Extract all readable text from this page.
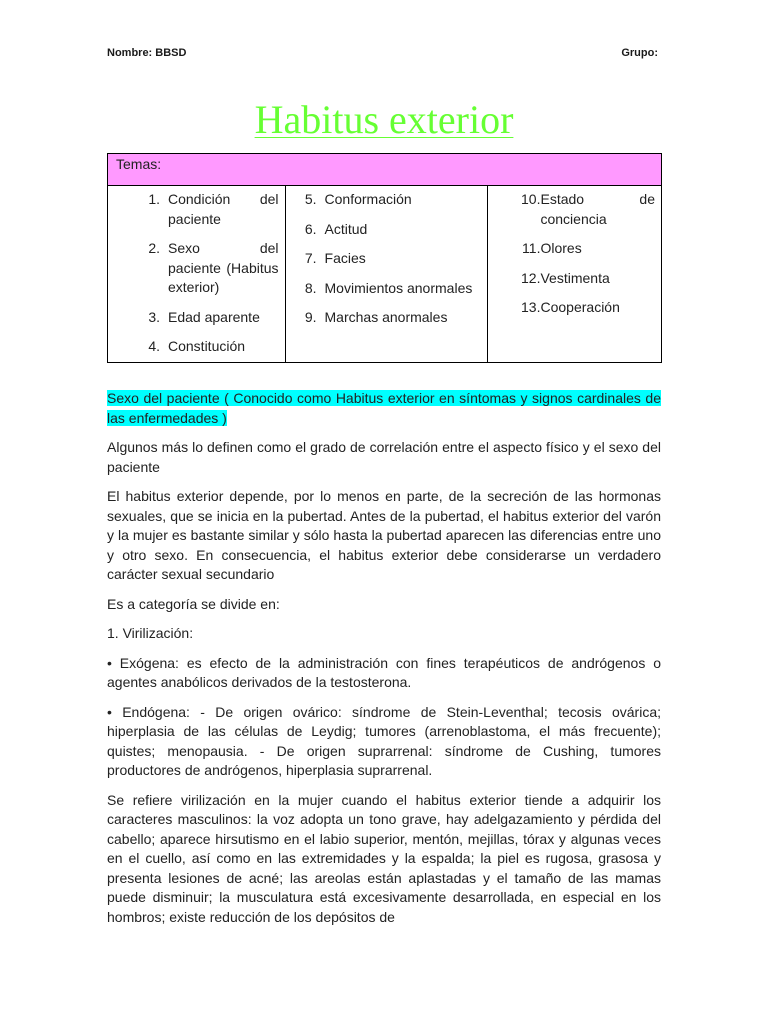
Nombre: BBSD	Grupo:
Habitus exterior
Temas:

1. Condición del paciente
2. Sexo del paciente (Habitus exterior)
3. Edad aparente
4. Constitución

5. Conformación
6. Actitud
7. Facies
8. Movimientos anormales
9. Marchas anormales

10. Estado de conciencia
11. Olores
12. Vestimenta
13. Cooperación

Sexo del paciente ( Conocido como Habitus exterior en síntomas y signos cardinales de las enfermedades )

Algunos más lo definen como el grado de correlación entre el aspecto físico y el sexo del paciente

El habitus exterior depende, por lo menos en parte, de la secreción de las hormonas sexuales, que se inicia en la pubertad. Antes de la pubertad, el habitus exterior del varón y la mujer es bastante similar y sólo hasta la pubertad aparecen las diferencias entre uno y otro sexo. En consecuencia, el habitus exterior debe considerarse un verdadero carácter sexual secundario

Es a categoría se divide en:

1. Virilización:

• Exógena: es efecto de la administración con fines terapéuticos de andrógenos o agentes anabólicos derivados de la testosterona.

• Endógena: - De origen ovárico: síndrome de Stein-Leventhal; tecosis ovárica; hiperplasia de las células de Leydig; tumores (arrenoblastoma, el más frecuente); quistes; menopausia. - De origen suprarrenal: síndrome de Cushing, tumores productores de andrógenos, hiperplasia suprarrenal.

Se refiere virilización en la mujer cuando el habitus exterior tiende a adquirir los caracteres masculinos: la voz adopta un tono grave, hay adelgazamiento y pérdida del cabello; aparece hirsutismo en el labio superior, mentón, mejillas, tórax y algunas veces en el cuello, así como en las extremidades y la espalda; la piel es rugosa, grasosa y presenta lesiones de acné; las areolas están aplastadas y el tamaño de las mamas puede disminuir; la musculatura está excesivamente desarrollada, en especial en los hombros; existe reducción de los depósitos de
